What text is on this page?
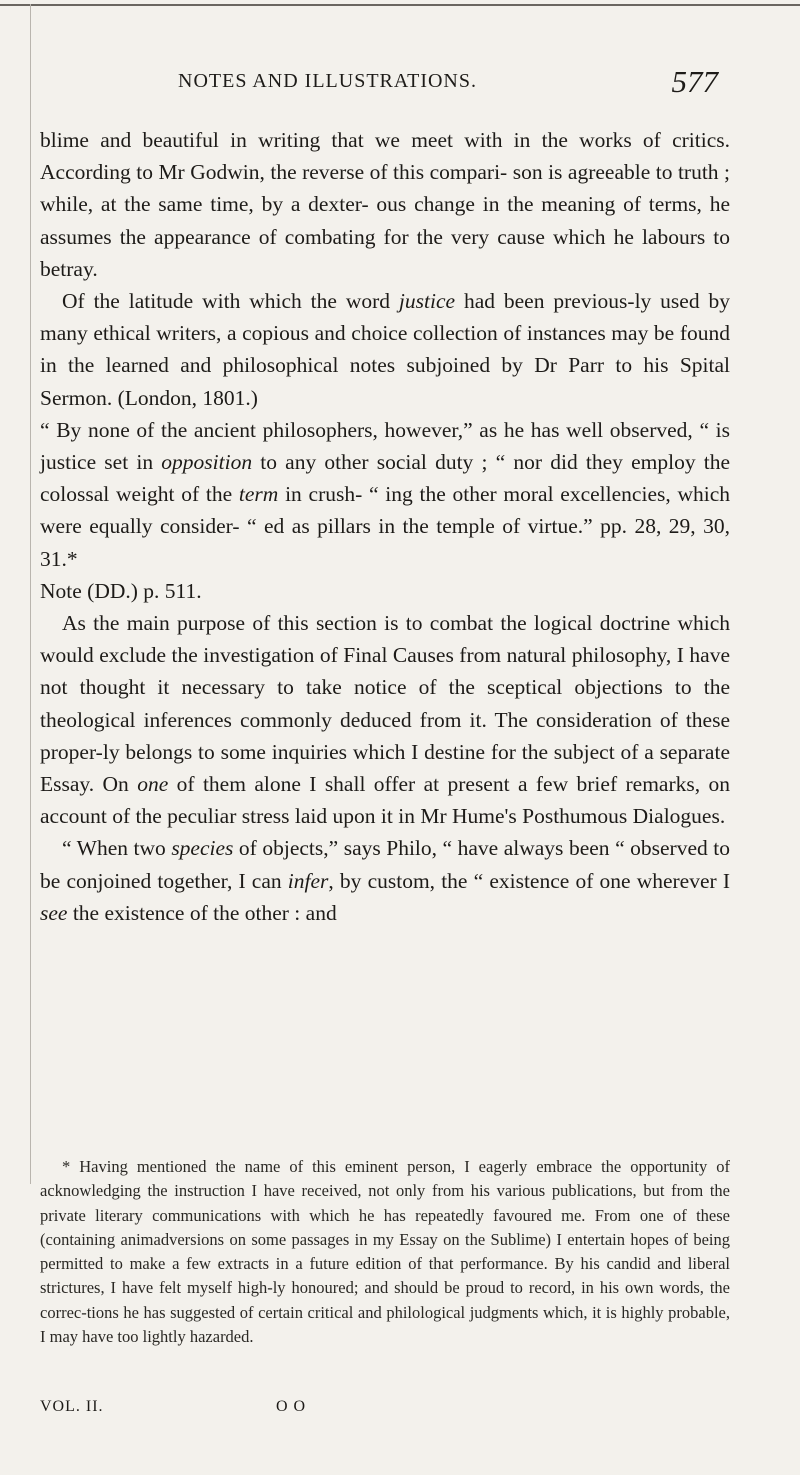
NOTES AND ILLUSTRATIONS.	577

blime and beautiful in writing that we meet with in the works of critics. According to Mr Godwin, the reverse of this compari- son is agreeable to truth ; while, at the same time, by a dexter- ous change in the meaning of terms, he assumes the appearance of combating for the very cause which he labours to betray.

Of the latitude with which the word justice had been previous-ly used by many ethical writers, a copious and choice collection of instances may be found in the learned and philosophical notes subjoined by Dr Parr to his Spital Sermon. (London, 1801.)

“ By none of the ancient philosophers, however,” as he has well observed, “ is justice set in opposition to any other social duty ; “ nor did they employ the colossal weight of the term in crush- “ ing the other moral excellencies, which were equally consider- “ ed as pillars in the temple of virtue.” pp. 28, 29, 30, 31.*

Note (DD.) p. 511.

As the main purpose of this section is to combat the logical doctrine which would exclude the investigation of Final Causes from natural philosophy, I have not thought it necessary to take notice of the sceptical objections to the theological inferences commonly deduced from it. The consideration of these proper-ly belongs to some inquiries which I destine for the subject of a separate Essay. On one of them alone I shall offer at present a few brief remarks, on account of the peculiar stress laid upon it in Mr Hume's Posthumous Dialogues.

“ When two species of objects,” says Philo, “ have always been “ observed to be conjoined together, I can infer, by custom, the “ existence of one wherever I see the existence of the other : and

* Having mentioned the name of this eminent person, I eagerly embrace the opportunity of acknowledging the instruction I have received, not only from his various publications, but from the private literary communications with which he has repeatedly favoured me. From one of these (containing animadversions on some passages in my Essay on the Sublime) I entertain hopes of being permitted to make a few extracts in a future edition of that performance. By his candid and liberal strictures, I have felt myself high-ly honoured; and should be proud to record, in his own words, the correc-tions he has suggested of certain critical and philological judgments which, it is highly probable, I may have too lightly hazarded.

VOL. II.	O O
